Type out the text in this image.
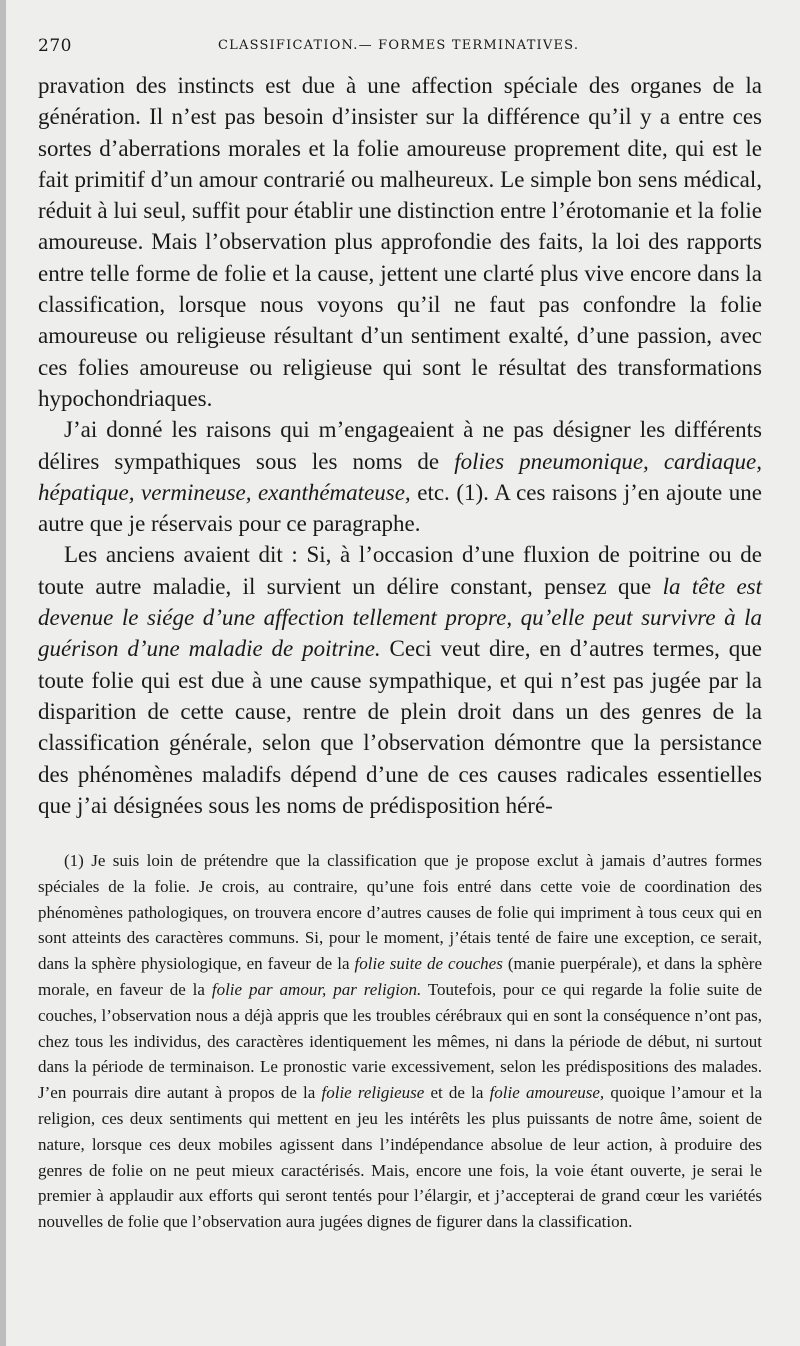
270	CLASSIFICATION.— FORMES TERMINATIVES.

pravation des instincts est due à une affection spéciale des organes de la génération. Il n’est pas besoin d’insister sur la différence qu’il y a entre ces sortes d’aberrations morales et la folie amoureuse proprement dite, qui est le fait primitif d’un amour contrarié ou malheureux. Le simple bon sens médical, réduit à lui seul, suffit pour établir une distinction entre l’érotomanie et la folie amoureuse. Mais l’observation plus approfondie des faits, la loi des rapports entre telle forme de folie et la cause, jettent une clarté plus vive encore dans la classification, lorsque nous voyons qu’il ne faut pas confondre la folie amoureuse ou religieuse résultant d’un sentiment exalté, d’une passion, avec ces folies amoureuse ou religieuse qui sont le résultat des transformations hypochondriaques.

J’ai donné les raisons qui m’engageaient à ne pas désigner les différents délires sympathiques sous les noms de folies pneumonique, cardiaque, hépatique, vermineuse, exanthémateuse, etc. (1). A ces raisons j’en ajoute une autre que je réservais pour ce paragraphe.

Les anciens avaient dit : Si, à l’occasion d’une fluxion de poitrine ou de toute autre maladie, il survient un délire constant, pensez que la tête est devenue le siége d’une affection tellement propre, qu’elle peut survivre à la guérison d’une maladie de poitrine. Ceci veut dire, en d’autres termes, que toute folie qui est due à une cause sympathique, et qui n’est pas jugée par la disparition de cette cause, rentre de plein droit dans un des genres de la classification générale, selon que l’observation démontre que la persistance des phénomènes maladifs dépend d’une de ces causes radicales essentielles que j’ai désignées sous les noms de prédisposition héré-

(1) Je suis loin de prétendre que la classification que je propose exclut à jamais d’autres formes spéciales de la folie. Je crois, au contraire, qu’une fois entré dans cette voie de coordination des phénomènes pathologiques, on trouvera encore d’autres causes de folie qui impriment à tous ceux qui en sont atteints des caractères communs. Si, pour le moment, j’étais tenté de faire une exception, ce serait, dans la sphère physiologique, en faveur de la folie suite de couches (manie puerpérale), et dans la sphère morale, en faveur de la folie par amour, par religion. Toutefois, pour ce qui regarde la folie suite de couches, l’observation nous a déjà appris que les troubles cérébraux qui en sont la conséquence n’ont pas, chez tous les individus, des caractères identiquement les mêmes, ni dans la période de début, ni surtout dans la période de terminaison. Le pronostic varie excessivement, selon les prédispositions des malades. J’en pourrais dire autant à propos de la folie religieuse et de la folie amoureuse, quoique l’amour et la religion, ces deux sentiments qui mettent en jeu les intérêts les plus puissants de notre âme, soient de nature, lorsque ces deux mobiles agissent dans l’indépendance absolue de leur action, à produire des genres de folie on ne peut mieux caractérisés. Mais, encore une fois, la voie étant ouverte, je serai le premier à applaudir aux efforts qui seront tentés pour l’élargir, et j’accepterai de grand cœur les variétés nouvelles de folie que l’observation aura jugées dignes de figurer dans la classification.
